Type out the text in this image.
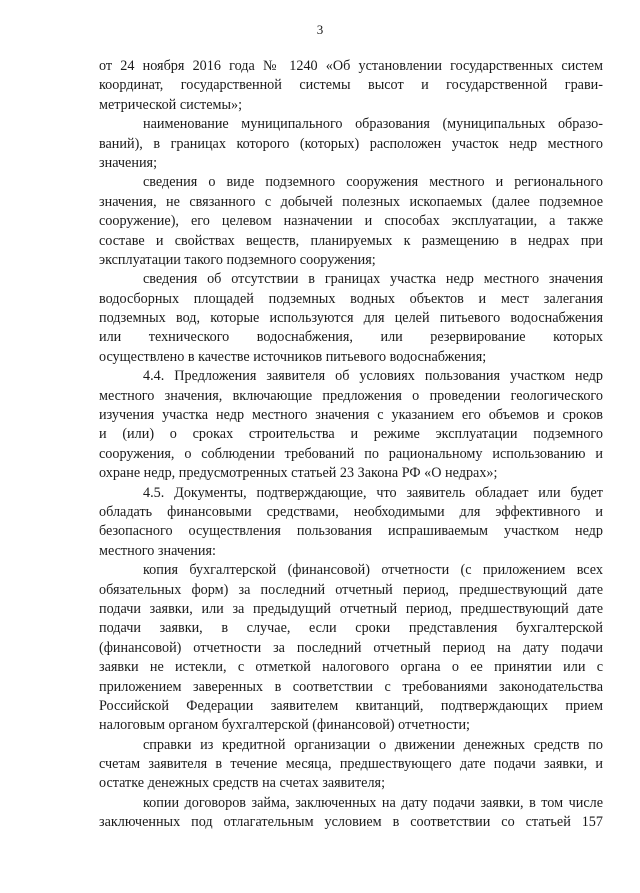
3
от 24 ноября 2016 года № 1240 «Об установлении государственных систем
координат, государственной системы высот и государственной грави-
метрической системы»;
наименование муниципального образования (муниципальных образо-
ваний), в границах которого (которых) расположен участок недр местного
значения;
сведения о виде подземного сооружения местного и регионального
значения, не связанного с добычей полезных ископаемых (далее подземное
сооружение), его целевом назначении и способах эксплуатации, а также
составе и свойствах веществ, планируемых к размещению в недрах при
эксплуатации такого подземного сооружения;
сведения об отсутствии в границах участка недр местного значения
водосборных площадей подземных водных объектов и мест залегания
подземных вод, которые используются для целей питьевого водоснабжения
или технического водоснабжения, или резервирование которых
осуществлено в качестве источников питьевого водоснабжения;
4.4. Предложения заявителя об условиях пользования участком недр
местного значения, включающие предложения о проведении геологического
изучения участка недр местного значения с указанием его объемов и сроков
и (или) о сроках строительства и режиме эксплуатации подземного
сооружения, о соблюдении требований по рациональному использованию и
охране недр, предусмотренных статьей 23 Закона РФ «О недрах»;
4.5. Документы, подтверждающие, что заявитель обладает или будет
обладать финансовыми средствами, необходимыми для эффективного и
безопасного осуществления пользования испрашиваемым участком недр
местного значения:
копия бухгалтерской (финансовой) отчетности (с приложением всех
обязательных форм) за последний отчетный период, предшествующий дате
подачи заявки, или за предыдущий отчетный период, предшествующий дате
подачи заявки, в случае, если сроки представления бухгалтерской
(финансовой) отчетности за последний отчетный период на дату подачи
заявки не истекли, с отметкой налогового органа о ее принятии или с
приложением заверенных в соответствии с требованиями законодательства
Российской Федерации заявителем квитанций, подтверждающих прием
налоговым органом бухгалтерской (финансовой) отчетности;
справки из кредитной организации о движении денежных средств по
счетам заявителя в течение месяца, предшествующего дате подачи заявки, и
остатке денежных средств на счетах заявителя;
копии договоров займа, заключенных на дату подачи заявки, в том числе
заключенных под отлагательным условием в соответствии со статьей 157
